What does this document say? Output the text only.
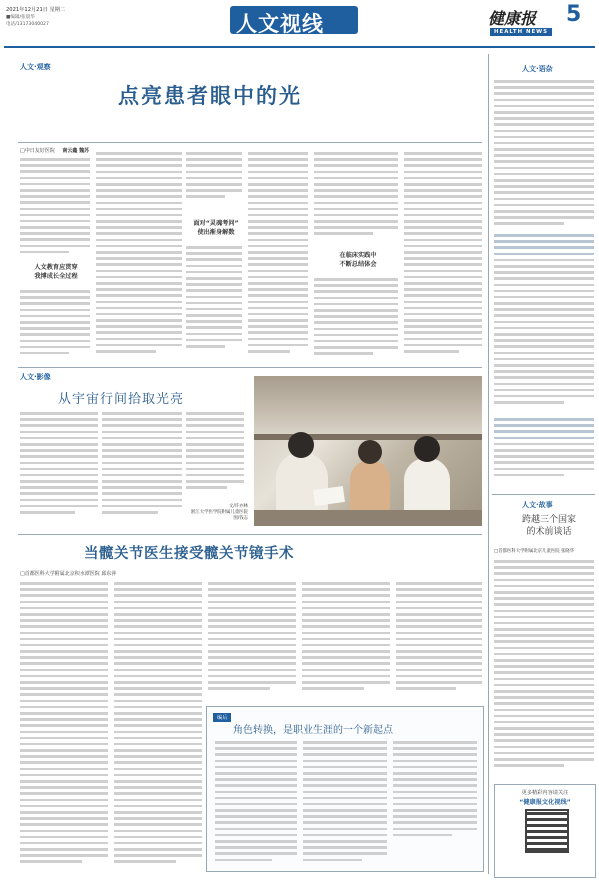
2021年12月21日 星期二
■编辑/张晨华
电话/13173040027	人文视线	健康报
HEALTH NEWS
5
人文·观察
点亮患者眼中的光
□中日友好医院 南云鑫 魏苏
人文教育应贯穿
我博成长全过程
面对“灵魂考问”
使出渐身解数
在临床实践中
不断总结体会
人文·影像
从宇宙行间拾取光亮
文/许亦林
浙江大学医学院附属儿童医院
图/钱志
当髋关节医生接受髋关节镜手术
□首都医科大学附属北京积水潭医院 邱东萍
编后
角色转换，是职业生涯的一个新起点
人文·语杂
人文·故事
跨越三个国家
的术前谈话
□首都医科大学附属北京儿童医院 张晓华
更多精彩内容请关注
“健康报文化视线”
